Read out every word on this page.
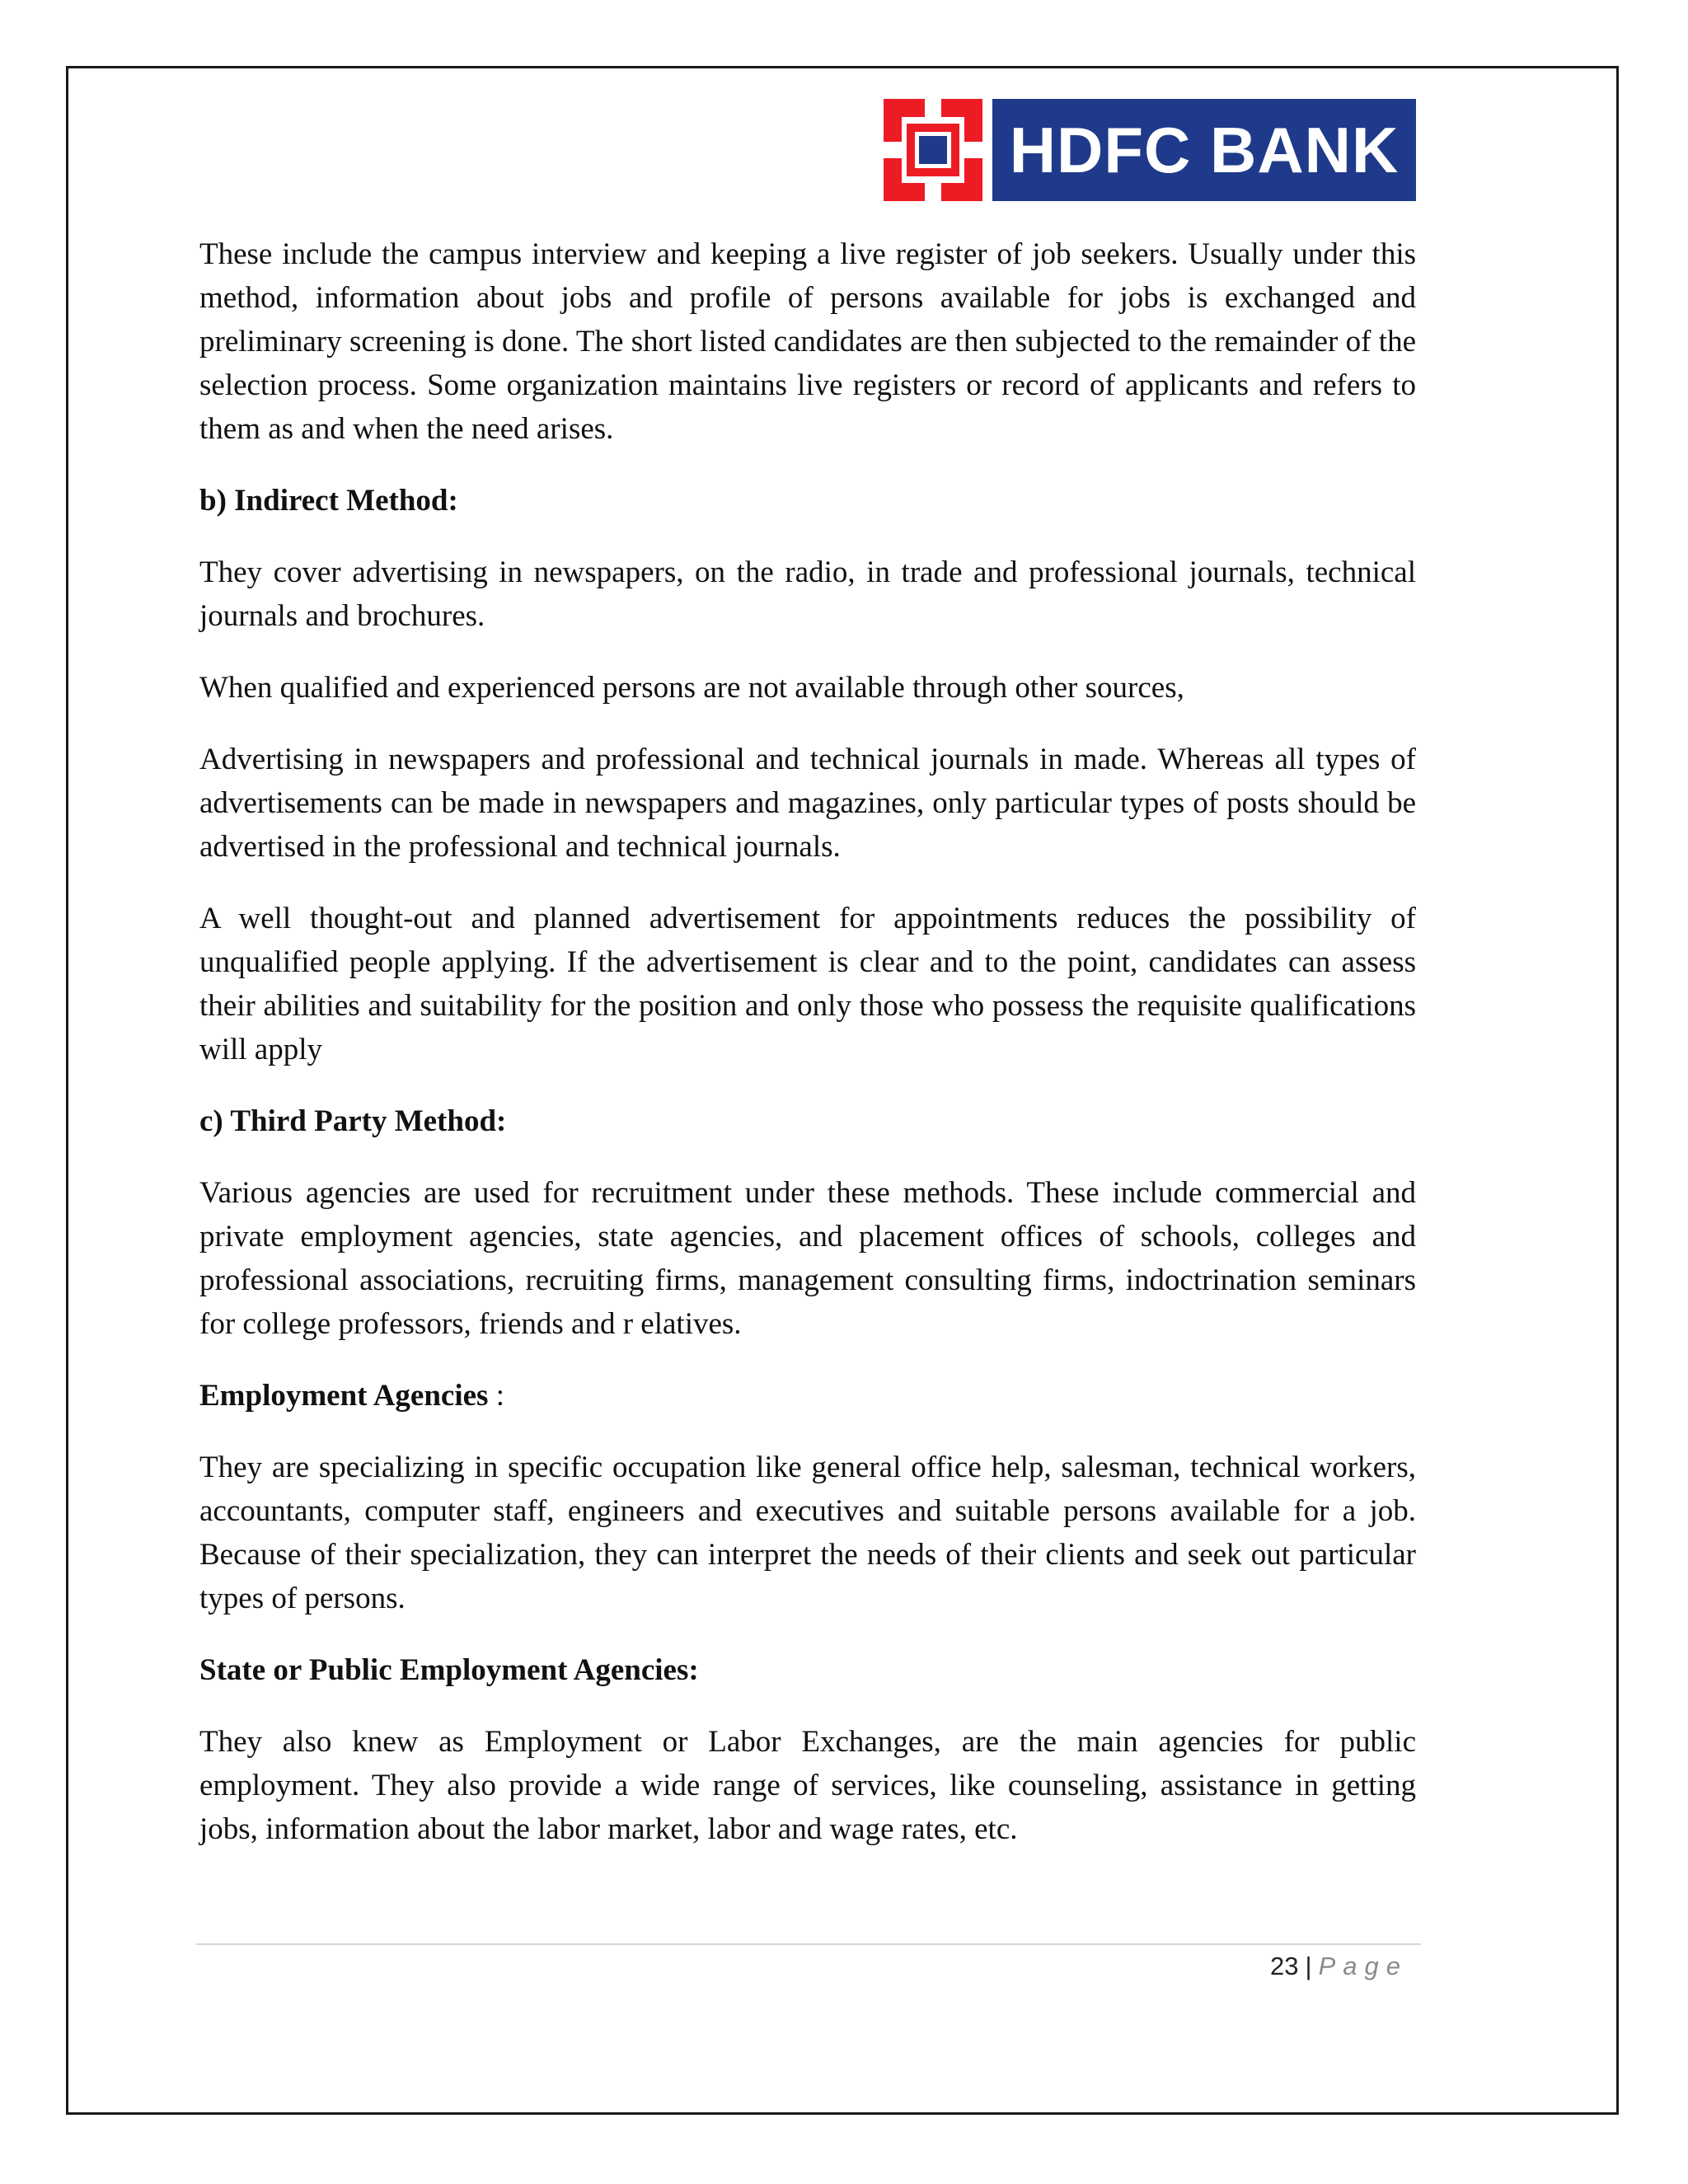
HDFC BANK

These include the campus interview and keeping a live register of job seekers. Usually under this method, information about jobs and profile of persons available for jobs is exchanged and preliminary screening is done. The short listed candidates are then subjected to the remainder of the selection process. Some organization maintains live registers or record of applicants and refers to them as and when the need arises.

b) Indirect Method:

They cover advertising in newspapers, on the radio, in trade and professional journals, technical journals and brochures.

When qualified and experienced persons are not available through other sources,

Advertising in newspapers and professional and technical journals in made. Whereas all types of advertisements can be made in newspapers and magazines, only particular types of posts should be advertised in the professional and technical journals.

A well thought-out and planned advertisement for appointments reduces the possibility of unqualified people applying. If the advertisement is clear and to the point, candidates can assess their abilities and suitability for the position and only those who possess the requisite qualifications will apply

c) Third Party Method:

Various agencies are used for recruitment under these methods. These include commercial and private employment agencies, state agencies, and placement offices of schools, colleges and professional associations, recruiting firms, management consulting firms, indoctrination seminars for college professors, friends and r elatives.

Employment Agencies :

They are specializing in specific occupation like general office help, salesman, technical workers, accountants, computer staff, engineers and executives and suitable persons available for a job. Because of their specialization, they can interpret the needs of their clients and seek out particular types of persons.

State or Public Employment Agencies:

They also knew as Employment or Labor Exchanges, are the main agencies for public employment. They also provide a wide range of services, like counseling, assistance in getting jobs, information about the labor market, labor and wage rates, etc.

23 | Page
